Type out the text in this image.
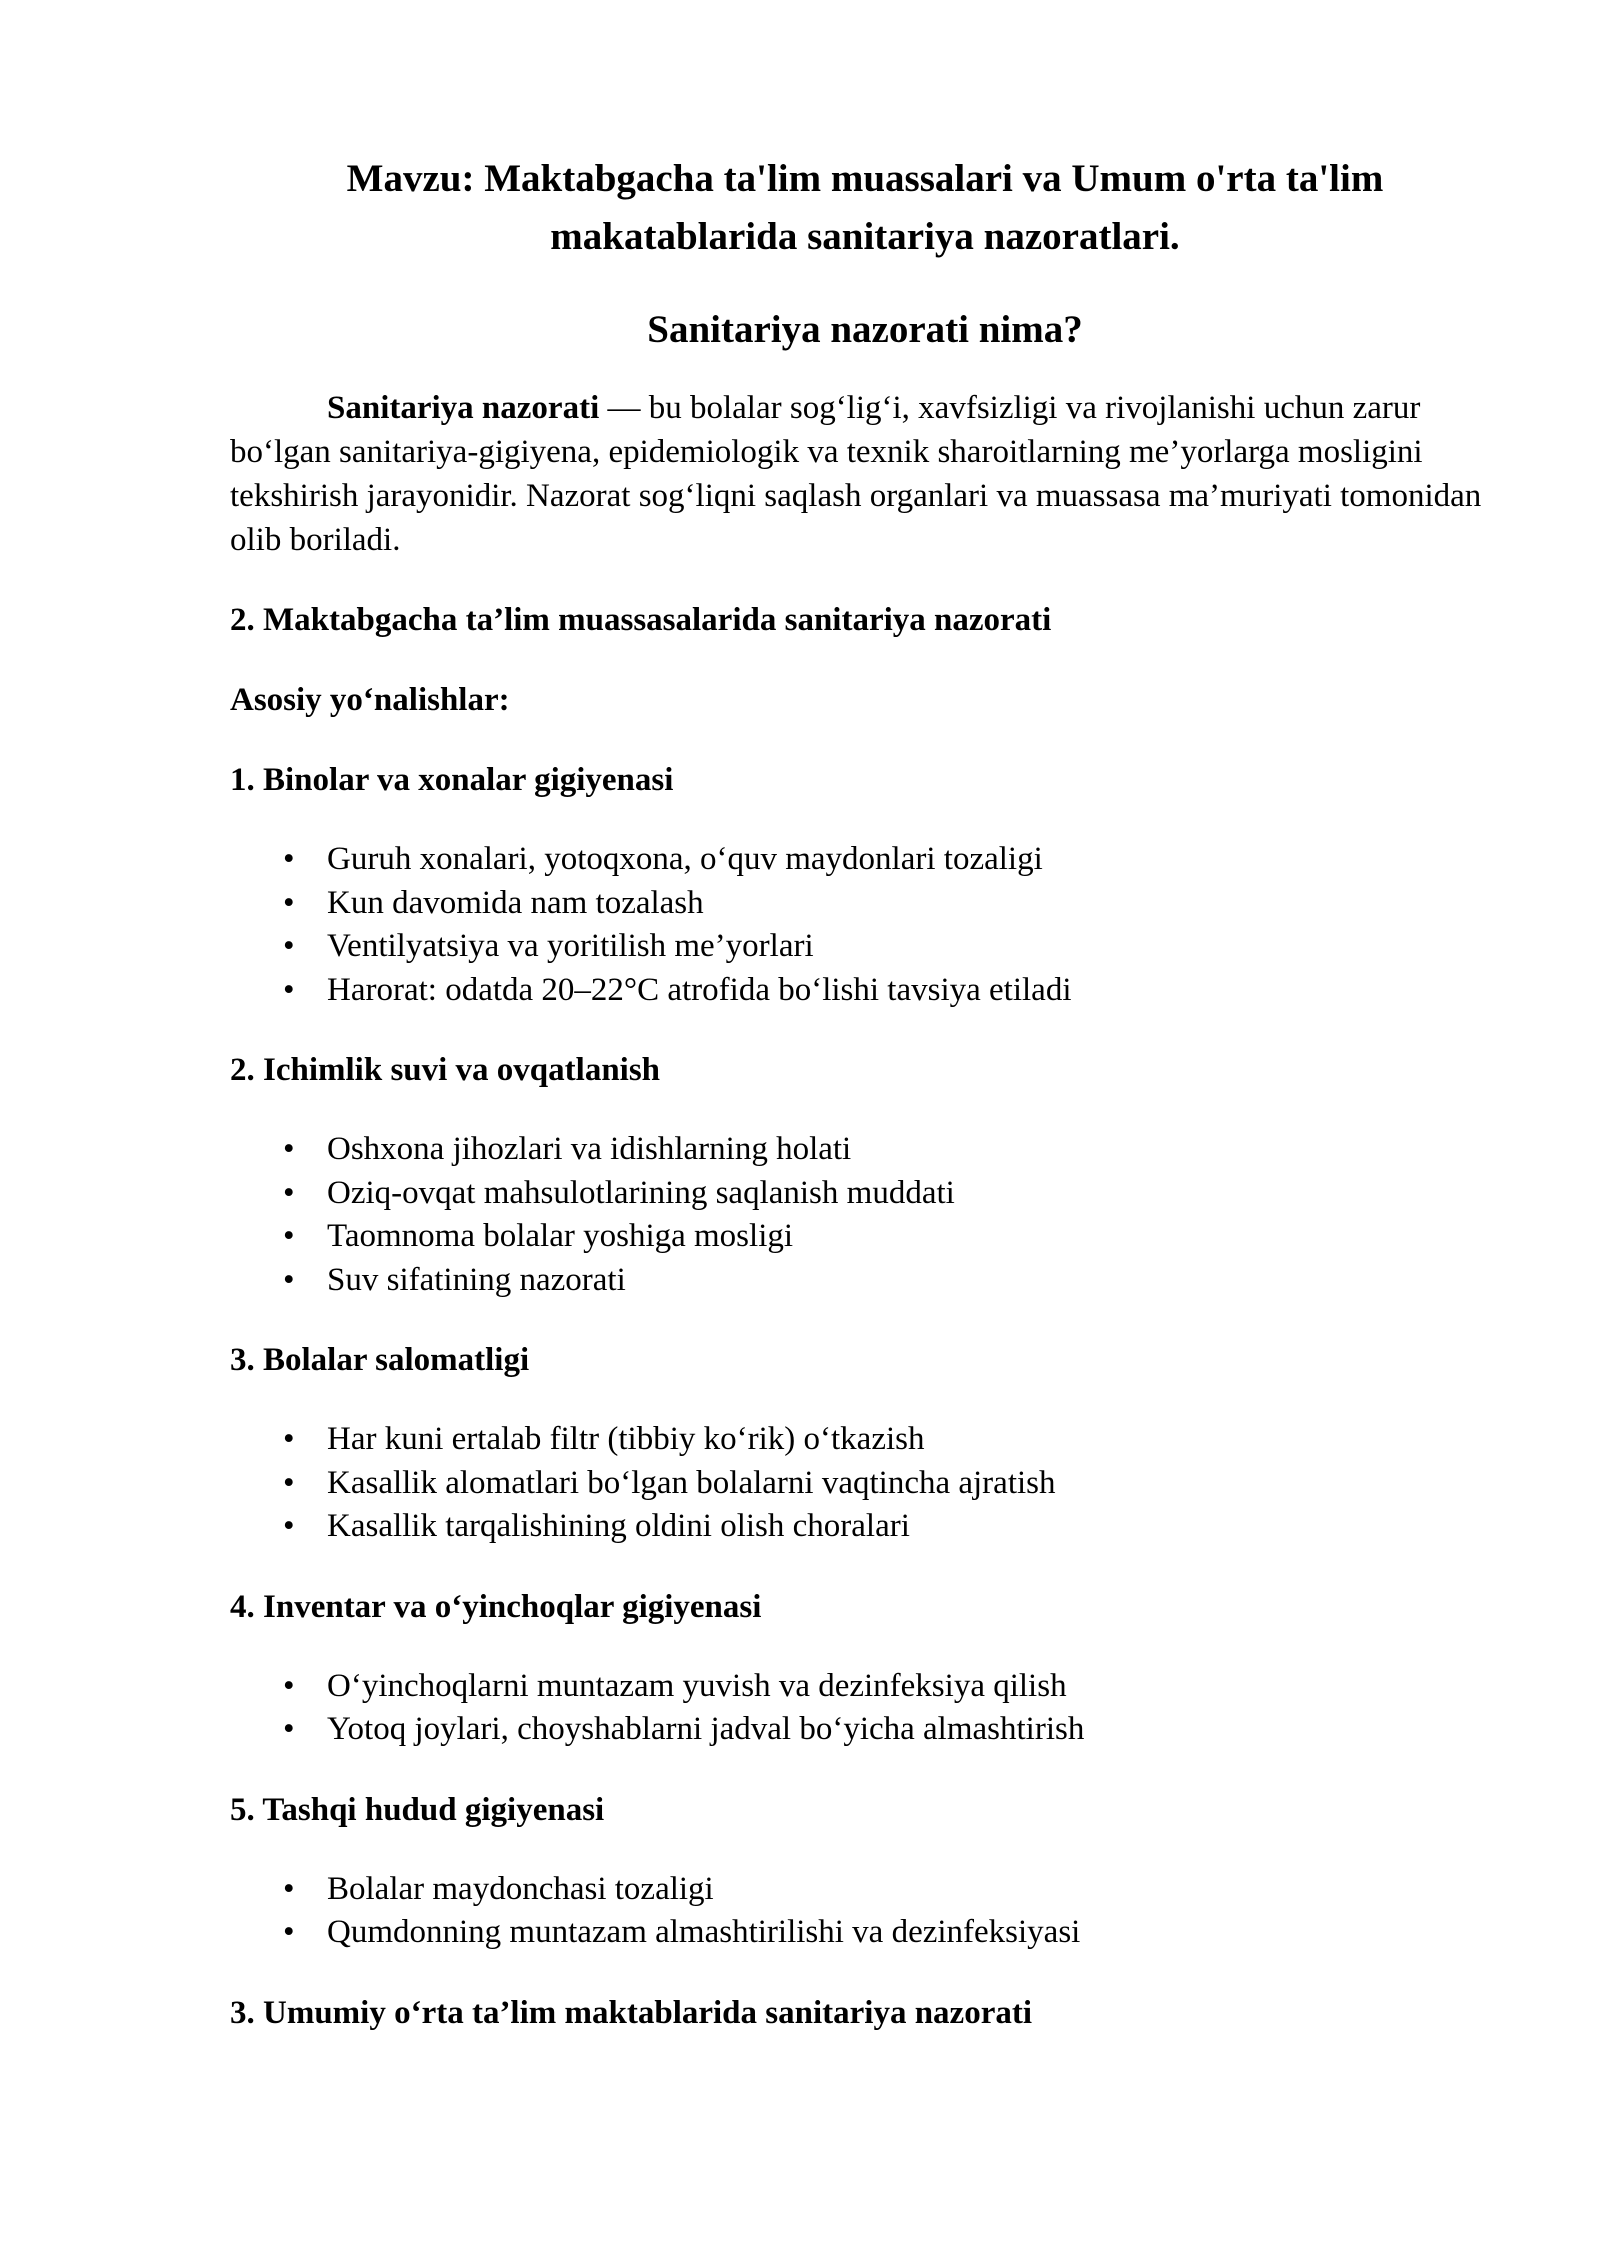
Mavzu: Maktabgacha ta'lim muassalari va Umum o'rta ta'lim makatablarida sanitariya nazoratlari.
Sanitariya nazorati nima?

Sanitariya nazorati — bu bolalar sog‘lig‘i, xavfsizligi va rivojlanishi uchun zarur bo‘lgan sanitariya-gigiyena, epidemiologik va texnik sharoitlarning me’yorlarga mosligini tekshirish jarayonidir. Nazorat sog‘liqni saqlash organlari va muassasa ma’muriyati tomonidan olib boriladi.

2. Maktabgacha ta’lim muassasalarida sanitariya nazorati

Asosiy yo‘nalishlar:

1. Binolar va xonalar gigiyenasi

• Guruh xonalari, yotoqxona, o‘quv maydonlari tozaligi
• Kun davomida nam tozalash
• Ventilyatsiya va yoritilish me’yorlari
• Harorat: odatda 20–22°C atrofida bo‘lishi tavsiya etiladi

2. Ichimlik suvi va ovqatlanish

• Oshxona jihozlari va idishlarning holati
• Oziq-ovqat mahsulotlarining saqlanish muddati
• Taomnoma bolalar yoshiga mosligi
• Suv sifatining nazorati

3. Bolalar salomatligi

• Har kuni ertalab filtr (tibbiy ko‘rik) o‘tkazish
• Kasallik alomatlari bo‘lgan bolalarni vaqtincha ajratish
• Kasallik tarqalishining oldini olish choralari

4. Inventar va o‘yinchoqlar gigiyenasi

• O‘yinchoqlarni muntazam yuvish va dezinfeksiya qilish
• Yotoq joylari, choyshablarni jadval bo‘yicha almashtirish

5. Tashqi hudud gigiyenasi

• Bolalar maydonchasi tozaligi
• Qumdonning muntazam almashtirilishi va dezinfeksiyasi

3. Umumiy o‘rta ta’lim maktablarida sanitariya nazorati
